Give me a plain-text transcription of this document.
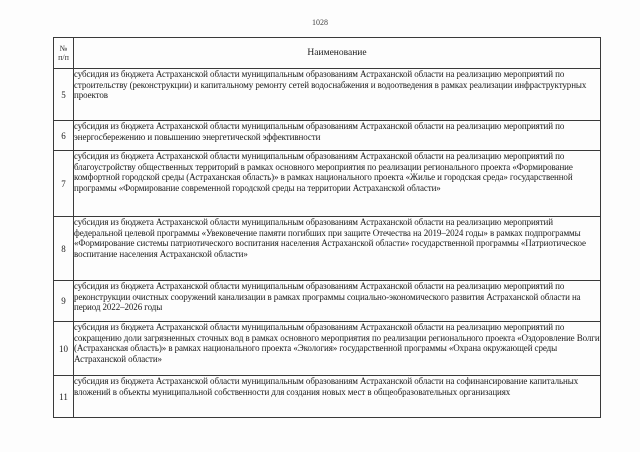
1028
№
п/п	Наименование
5	субсидия из бюджета Астраханской области муниципальным образованиям Астраханской области на реализацию мероприятий по строительству (реконструкции) и капитальному ремонту сетей водоснабжения и водоотведения в рамках реализации инфраструктурных проектов
6	субсидия из бюджета Астраханской области муниципальным образованиям Астраханской области на реализацию мероприятий по энергосбережению и повышению энергетической эффективности
7	субсидия из бюджета Астраханской области муниципальным образованиям Астраханской области на реализацию мероприятий по благоустройству общественных территорий в рамках основного мероприятия по реализации регионального проекта «Формирование комфортной городской среды (Астраханская область)» в рамках национального проекта «Жилье и городская среда» государственной программы «Формирование современной городской среды на территории Астраханской области»
8	субсидия из бюджета Астраханской области муниципальным образованиям Астраханской области на реализацию мероприятий федеральной целевой программы «Увековечение памяти погибших при защите Отечества на 2019–2024 годы» в рамках подпрограммы «Формирование системы патриотического воспитания населения Астраханской области» государственной программы «Патриотическое воспитание населения Астраханской области»
9	субсидия из бюджета Астраханской области муниципальным образованиям Астраханской области на реализацию мероприятий по реконструкции очистных сооружений канализации в рамках программы социально-экономического развития Астраханской области на период 2022–2026 годы
10	субсидия из бюджета Астраханской области муниципальным образованиям Астраханской области на реализацию мероприятий по сокращению доли загрязненных сточных вод в рамках основного мероприятия по реализации регионального проекта «Оздоровление Волги (Астраханская область)» в рамках национального проекта «Экология» государственной программы «Охрана окружающей среды Астраханской области»
11	субсидия из бюджета Астраханской области муниципальным образованиям Астраханской области на софинансирование капитальных вложений в объекты муниципальной собственности для создания новых мест в общеобразовательных организациях
